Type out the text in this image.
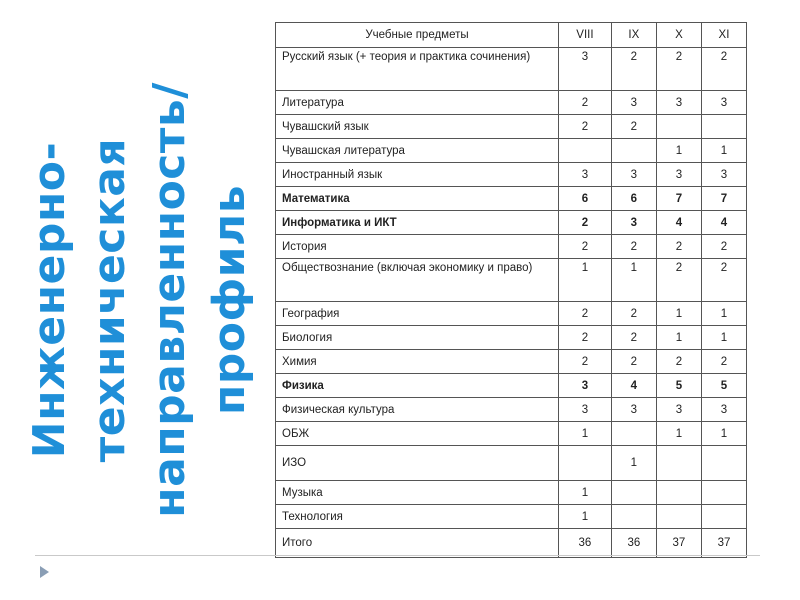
Инженерно- техническая направленность/ профиль
Учебные предметы	VIII	IX	X	XI
Русский язык (+ теория и практика сочинения)	3	2	2	2
Литература	2	3	3	3
Чувашский язык	2	2		
Чувашская литература			1	1
Иностранный язык	3	3	3	3
Математика	6	6	7	7
Информатика и ИКТ	2	3	4	4
История	2	2	2	2
Обществознание (включая экономику и право)	1	1	2	2
География	2	2	1	1
Биология	2	2	1	1
Химия	2	2	2	2
Физика	3	4	5	5
Физическая культура	3	3	3	3
ОБЖ	1		1	1
ИЗО		1		
Музыка	1			
Технология	1			
Итого	36	36	37	37
